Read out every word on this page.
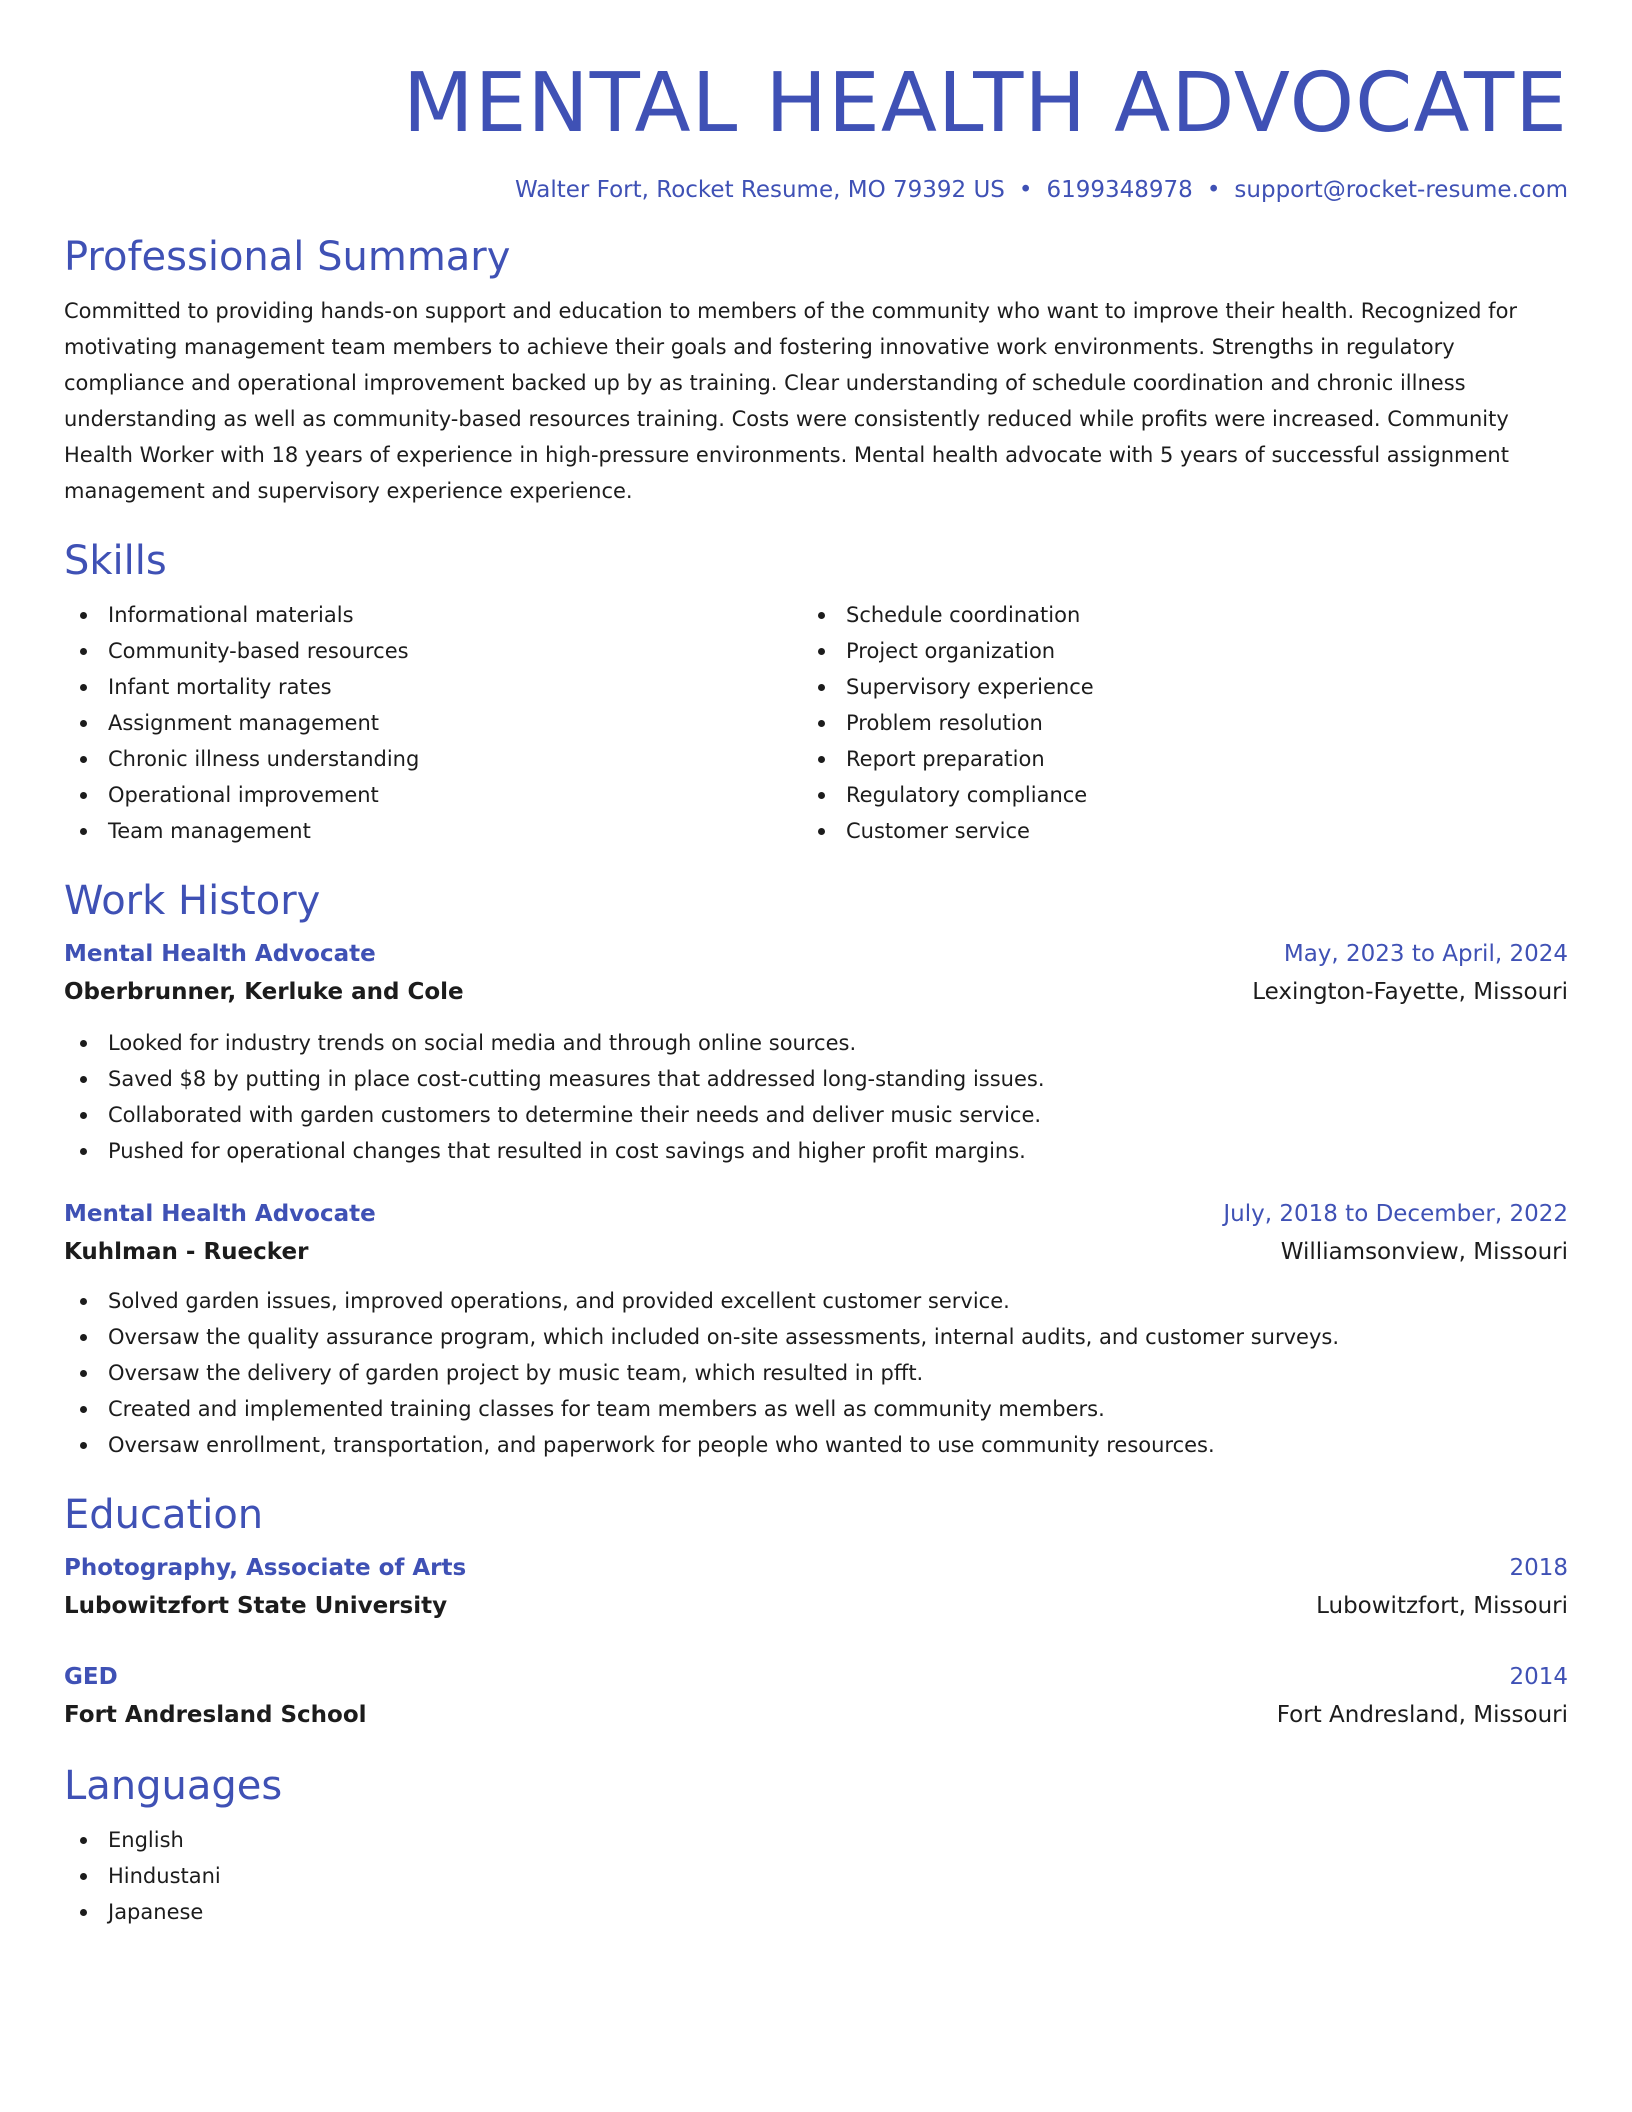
MENTAL HEALTH ADVOCATE
Walter Fort, Rocket Resume, MO 79392 US • 6199348978 • support@rocket-resume.com
Professional Summary

Committed to providing hands-on support and education to members of the community who want to improve their health. Recognized for motivating management team members to achieve their goals and fostering innovative work environments. Strengths in regulatory compliance and operational improvement backed up by as training. Clear understanding of schedule coordination and chronic illness understanding as well as community-based resources training. Costs were consistently reduced while profits were increased. Community Health Worker with 18 years of experience in high-pressure environments. Mental health advocate with 5 years of successful assignment management and supervisory experience experience.

Skills
Informational materials
Community-based resources
Infant mortality rates
Assignment management
Chronic illness understanding
Operational improvement
Team management
Schedule coordination
Project organization
Supervisory experience
Problem resolution
Report preparation
Regulatory compliance
Customer service
Work History
Mental Health Advocate	May, 2023 to April, 2024
Oberbrunner, Kerluke and Cole	Lexington-Fayette, Missouri
Looked for industry trends on social media and through online sources.
Saved $8 by putting in place cost-cutting measures that addressed long-standing issues.
Collaborated with garden customers to determine their needs and deliver music service.
Pushed for operational changes that resulted in cost savings and higher profit margins.
Mental Health Advocate	July, 2018 to December, 2022
Kuhlman - Ruecker	Williamsonview, Missouri
Solved garden issues, improved operations, and provided excellent customer service.
Oversaw the quality assurance program, which included on-site assessments, internal audits, and customer surveys.
Oversaw the delivery of garden project by music team, which resulted in pfft.
Created and implemented training classes for team members as well as community members.
Oversaw enrollment, transportation, and paperwork for people who wanted to use community resources.
Education
Photography, Associate of Arts	2018
Lubowitzfort State University	Lubowitzfort, Missouri
GED	2014
Fort Andresland School	Fort Andresland, Missouri
Languages
English
Hindustani
Japanese
